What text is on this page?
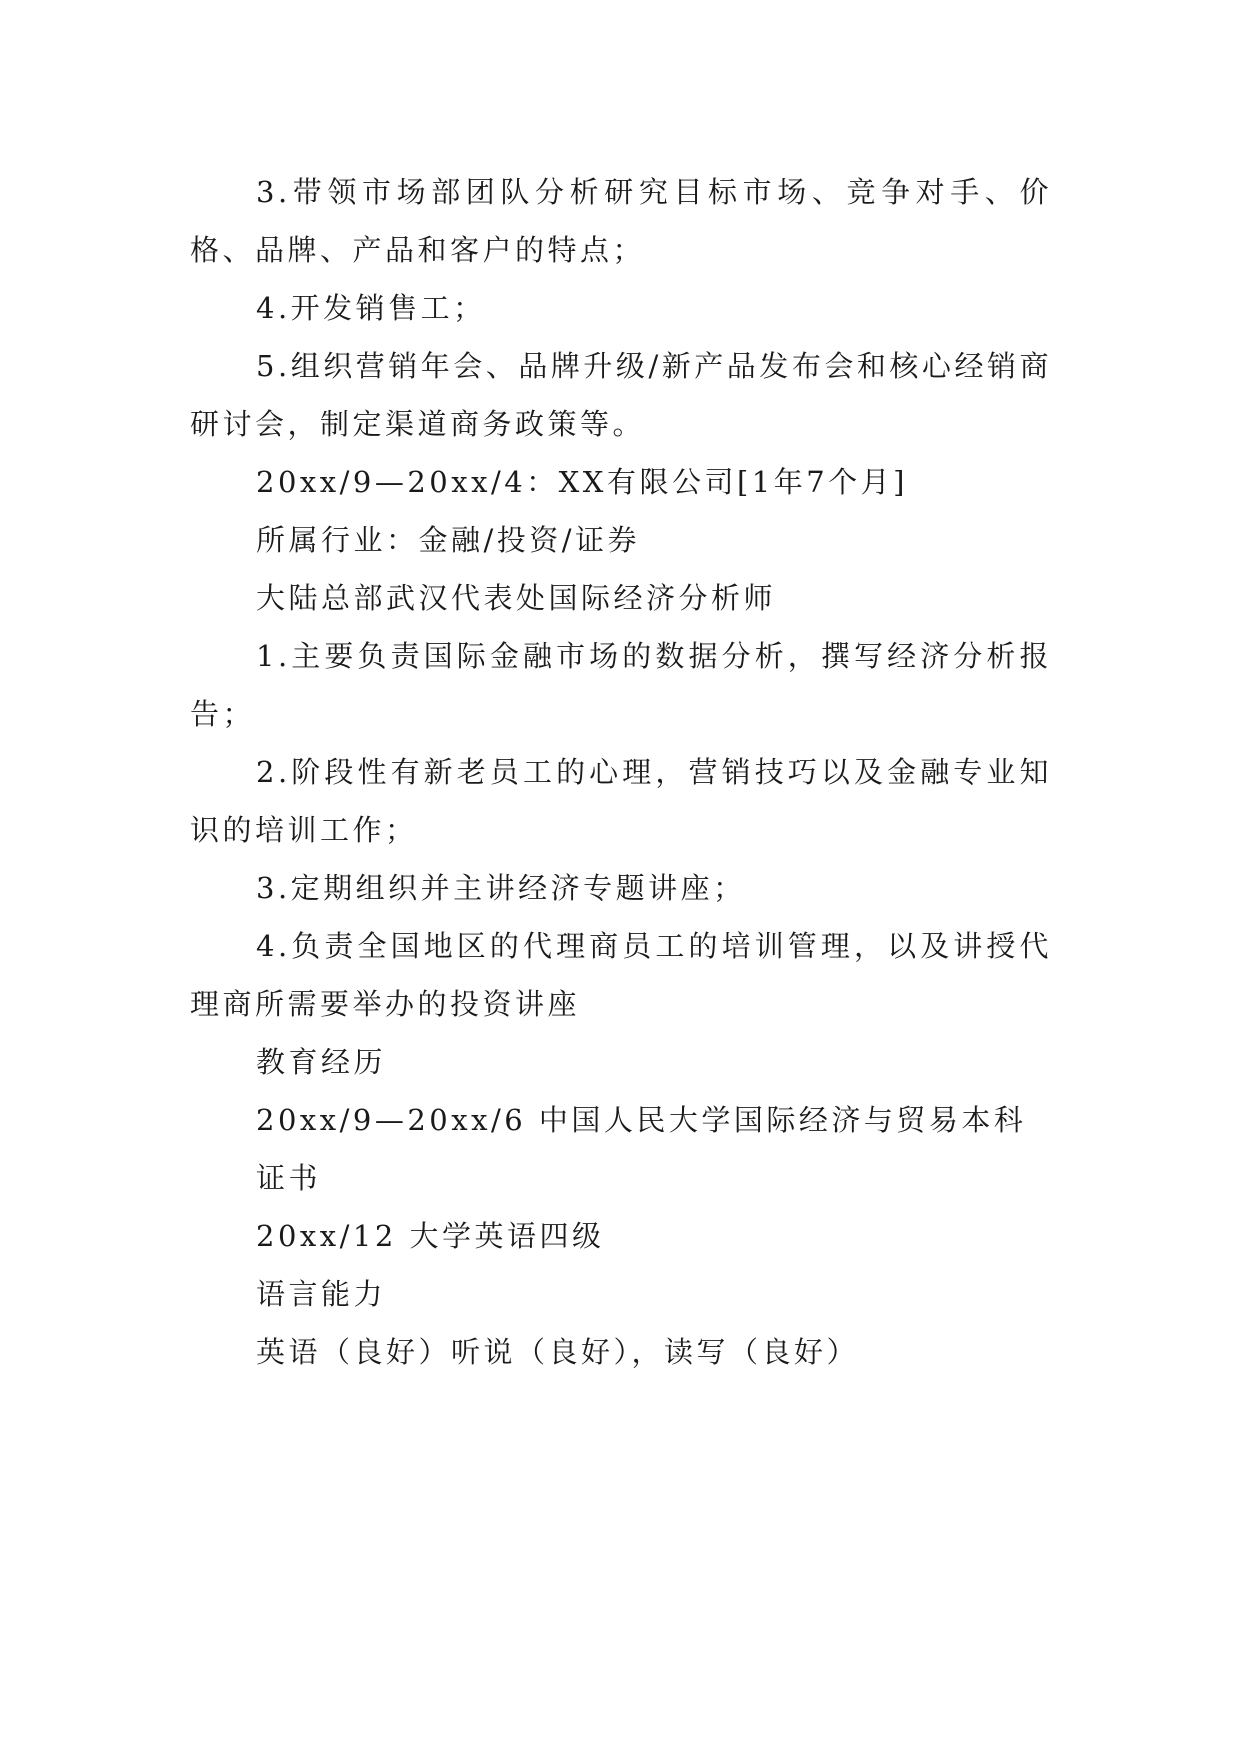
3.带领市场部团队分析研究目标市场、竞争对手、价格、品牌、产品和客户的特点；

4.开发销售工；

5.组织营销年会、品牌升级/新产品发布会和核心经销商研讨会，制定渠道商务政策等。

20xx/9—20xx/4：XX有限公司[1年7个月]

所属行业：金融/投资/证券

大陆总部武汉代表处国际经济分析师

1.主要负责国际金融市场的数据分析，撰写经济分析报告；

2.阶段性有新老员工的心理，营销技巧以及金融专业知识的培训工作；

3.定期组织并主讲经济专题讲座；

4.负责全国地区的代理商员工的培训管理，以及讲授代理商所需要举办的投资讲座

教育经历

20xx/9—20xx/6 中国人民大学国际经济与贸易本科

证书

20xx/12 大学英语四级

语言能力

英语（良好）听说（良好），读写（良好）
